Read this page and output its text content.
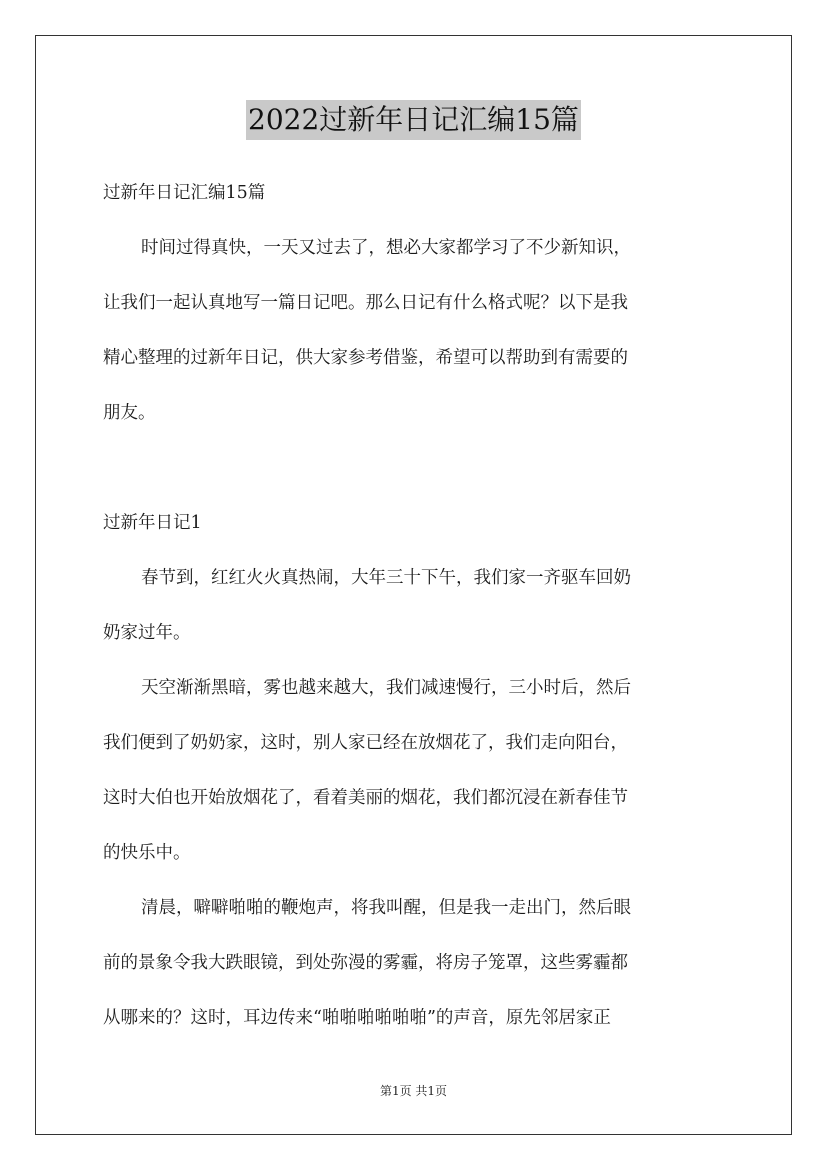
2022过新年日记汇编15篇
过新年日记汇编15篇
时间过得真快，一天又过去了，想必大家都学习了不少新知识，
让我们一起认真地写一篇日记吧。那么日记有什么格式呢？以下是我
精心整理的过新年日记，供大家参考借鉴，希望可以帮助到有需要的
朋友。
过新年日记1
春节到，红红火火真热闹，大年三十下午，我们家一齐驱车回奶
奶家过年。
天空渐渐黑暗，雾也越来越大，我们减速慢行，三小时后，然后
我们便到了奶奶家，这时，别人家已经在放烟花了，我们走向阳台，
这时大伯也开始放烟花了，看着美丽的烟花，我们都沉浸在新春佳节
的快乐中。
清晨，噼噼啪啪的鞭炮声，将我叫醒，但是我一走出门，然后眼
前的景象令我大跌眼镜，到处弥漫的雾霾，将房子笼罩，这些雾霾都
从哪来的？这时，耳边传来“啪啪啪啪啪啪”的声音，原先邻居家正
第1页 共1页
